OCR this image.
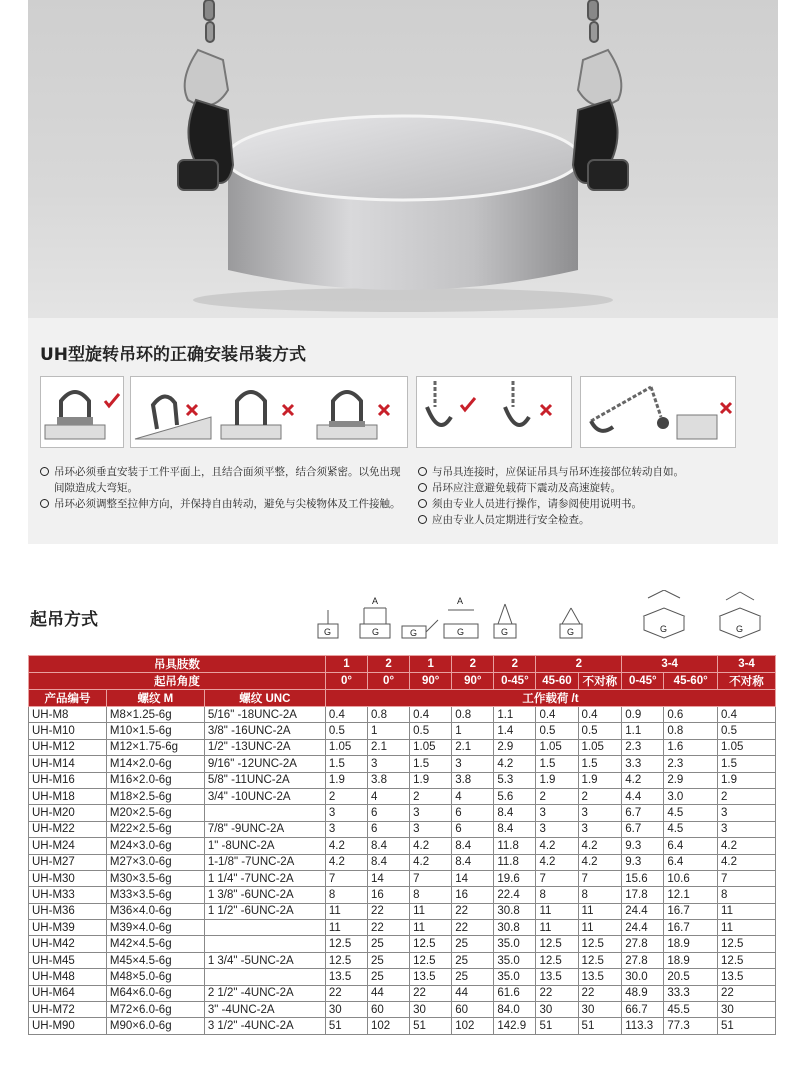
UH型旋转吊环的正确安装吊装方式
吊环必须垂直安装于工件平面上，且结合面须平整，结合须紧密。以免出现间隙造成大弯矩。
吊环必须调整至拉伸方向，并保持自由转动，避免与尖棱物体及工件接触。
与吊具连接时，应保证吊具与吊环连接部位转动自如。
吊环应注意避免载荷下震动及高速旋转。
须由专业人员进行操作，请参阅使用说明书。
应由专业人员定期进行安全检查。
起吊方式
G	G
A
G	G
A
G	G	G	G
吊具肢数			1	2	1	2	2	2		3-4		3-4
起吊角度			0°	0°	90°	90°	0-45°	45-60	不对称	0-45°	45-60°	不对称
产品编号	螺纹 M	螺纹 UNC	工作载荷 /t									
UH-M8	M8×1.25-6g	5/16" -18UNC-2A	0.4	0.8	0.4	0.8	1.1	0.4	0.4	0.9	0.6	0.4
UH-M10	M10×1.5-6g	3/8" -16UNC-2A	0.5	1	0.5	1	1.4	0.5	0.5	1.1	0.8	0.5
UH-M12	M12×1.75-6g	1/2" -13UNC-2A	1.05	2.1	1.05	2.1	2.9	1.05	1.05	2.3	1.6	1.05
UH-M14	M14×2.0-6g	9/16" -12UNC-2A	1.5	3	1.5	3	4.2	1.5	1.5	3.3	2.3	1.5
UH-M16	M16×2.0-6g	5/8" -11UNC-2A	1.9	3.8	1.9	3.8	5.3	1.9	1.9	4.2	2.9	1.9
UH-M18	M18×2.5-6g	3/4" -10UNC-2A	2	4	2	4	5.6	2	2	4.4	3.0	2
UH-M20	M20×2.5-6g		3	6	3	6	8.4	3	3	6.7	4.5	3
UH-M22	M22×2.5-6g	7/8" -9UNC-2A	3	6	3	6	8.4	3	3	6.7	4.5	3
UH-M24	M24×3.0-6g	1" -8UNC-2A	4.2	8.4	4.2	8.4	11.8	4.2	4.2	9.3	6.4	4.2
UH-M27	M27×3.0-6g	1-1/8" -7UNC-2A	4.2	8.4	4.2	8.4	11.8	4.2	4.2	9.3	6.4	4.2
UH-M30	M30×3.5-6g	1 1/4" -7UNC-2A	7	14	7	14	19.6	7	7	15.6	10.6	7
UH-M33	M33×3.5-6g	1 3/8" -6UNC-2A	8	16	8	16	22.4	8	8	17.8	12.1	8
UH-M36	M36×4.0-6g	1 1/2" -6UNC-2A	11	22	11	22	30.8	11	11	24.4	16.7	11
UH-M39	M39×4.0-6g		11	22	11	22	30.8	11	11	24.4	16.7	11
UH-M42	M42×4.5-6g		12.5	25	12.5	25	35.0	12.5	12.5	27.8	18.9	12.5
UH-M45	M45×4.5-6g	1 3/4" -5UNC-2A	12.5	25	12.5	25	35.0	12.5	12.5	27.8	18.9	12.5
UH-M48	M48×5.0-6g		13.5	25	13.5	25	35.0	13.5	13.5	30.0	20.5	13.5
UH-M64	M64×6.0-6g	2 1/2" -4UNC-2A	22	44	22	44	61.6	22	22	48.9	33.3	22
UH-M72	M72×6.0-6g	3" -4UNC-2A	30	60	30	60	84.0	30	30	66.7	45.5	30
UH-M90	M90×6.0-6g	3 1/2" -4UNC-2A	51	102	51	102	142.9	51	51	113.3	77.3	51
